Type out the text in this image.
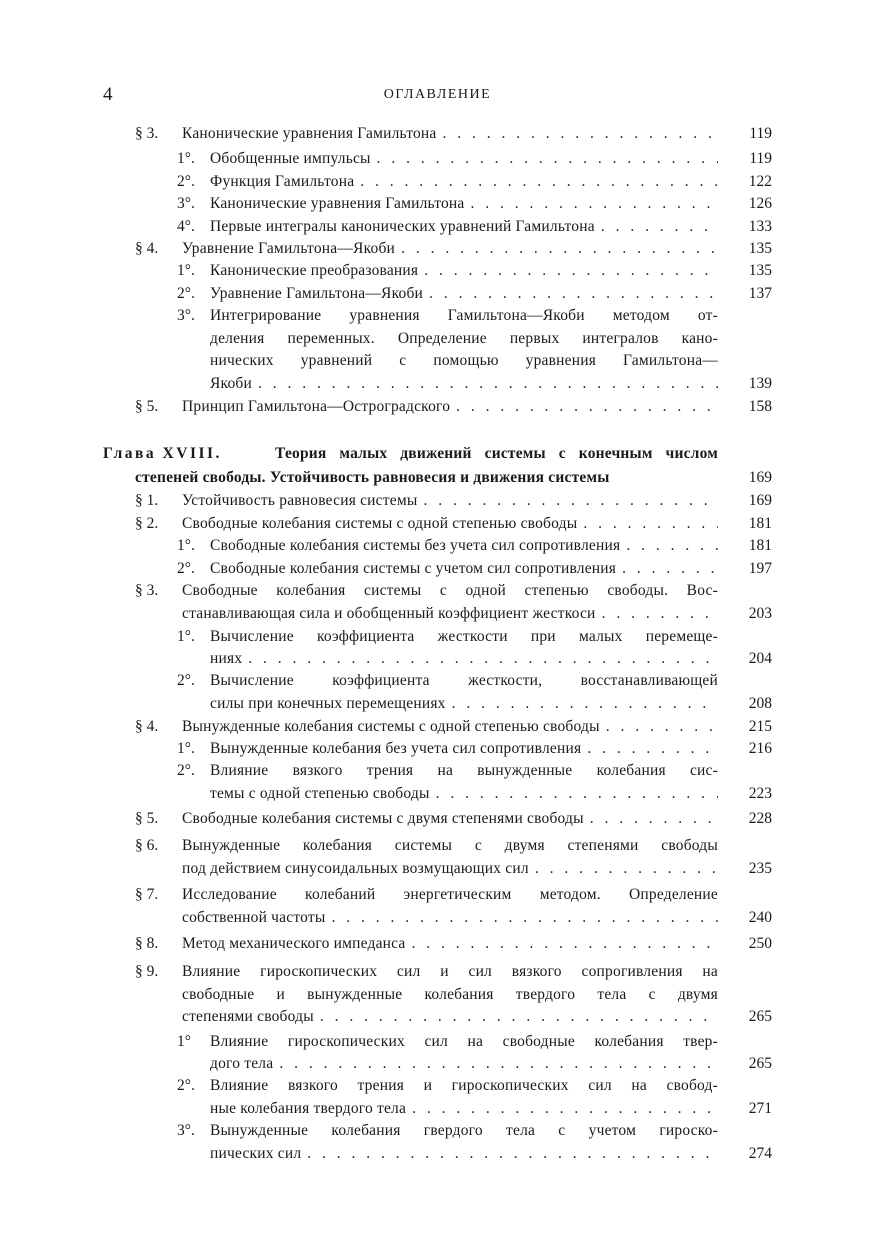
4	ОГЛАВЛЕНИЕ
§ 3. Канонические уравнения Гамильтона . . .	119
1°. Обобщенные импульсы . . .	119
2°. Функция Гамильтона . . .	122
3°. Канонические уравнения Гамильтона . . .	126
4°. Первые интегралы канонических уравнений Гамильтона . . .	133
§ 4. Уравнение Гамильтона—Якоби . . .	135
1°. Канонические преобразования . . .	135
2°. Уравнение Гамильтона—Якоби . . .	137
3°. Интегрирование уравнения Гамильтона—Якоби методом от-
деления переменных. Определение первых интегралов кано-
нических уравнений с помощью уравнения Гамильтона—
Якоби . . .	139
§ 5. Принцип Гамильтона—Остроградского . . .	158
Глава XVIII.	Теория малых движений системы с конечным числом
степеней свободы. Устойчивость равновесия и движения системы	169
§ 1. Устойчивость равновесия системы . . .	169
§ 2. Свободные колебания системы с одной степенью свободы . . .	181
1°. Свободные колебания системы без учета сил сопротивления . . .	181
2°. Свободные колебания системы с учетом сил сопротивления . . .	197
§ 3. Свободные колебания системы с одной степенью свободы. Вос-
станавливающая сила и обобщенный коэффициент жесткоси . . .	203
1°. Вычисление коэффициента жесткости при малых перемеще-
ниях . . .	204
2°. Вычисление коэффициента жесткости, восстанавливающей
силы при конечных перемещениях . . .	208
§ 4. Вынужденные колебания системы с одной степенью свободы . . .	215
1°. Вынужденные колебания без учета сил сопротивления . . .	216
2°. Влияние вязкого трения на вынужденные колебания сис-
темы с одной степенью свободы . . .	223
§ 5. Свободные колебания системы с двумя степенями свободы . . .	228
§ 6. Вынужденные колебания системы с двумя степенями свободы
под действием синусоидальных возмущающих сил . . .	235
§ 7. Исследование колебаний энергетическим методом. Определение
собственной частоты . . .	240
§ 8. Метод механического импеданса . . .	250
§ 9. Влияние гироскопических сил и сил вязкого сопрогивления на
свободные и вынужденные колебания твердого тела с двумя
степенями свободы . . .	265
1° Влияние гироскопических сил на свободные колебания твер-
дого тела . . .	265
2°. Влияние вязкого трения и гироскопических сил на свобод-
ные колебания твердого тела . . .	271
3°. Вынужденные колебания гвердого тела с учетом гироско-
пических сил . . .	274
